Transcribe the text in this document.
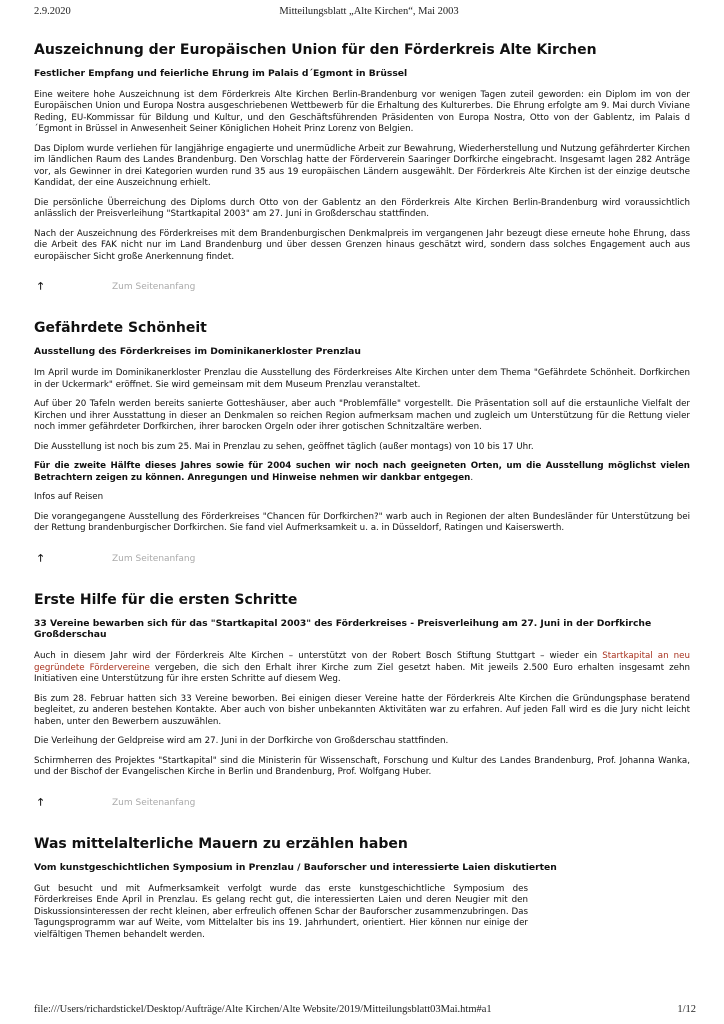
2.9.2020	Mitteilungsblatt „Alte Kirchen“, Mai 2003
Auszeichnung der Europäischen Union für den Förderkreis Alte Kirchen
Festlicher Empfang und feierliche Ehrung im Palais d´Egmont in Brüssel

Eine weitere hohe Auszeichnung ist dem Förderkreis Alte Kirchen Berlin-Brandenburg vor wenigen Tagen zuteil geworden: ein Diplom im von der Europäischen Union und Europa Nostra ausgeschriebenen Wettbewerb für die Erhaltung des Kulturerbes. Die Ehrung erfolgte am 9. Mai durch Viviane Reding, EU-Kommissar für Bildung und Kultur, und den Geschäftsführenden Präsidenten von Europa Nostra, Otto von der Gablentz, im Palais d´Egmont in Brüssel in Anwesenheit Seiner Königlichen Hoheit Prinz Lorenz von Belgien.

Das Diplom wurde verliehen für langjährige engagierte und unermüdliche Arbeit zur Bewahrung, Wiederherstellung und Nutzung gefährderter Kirchen im ländlichen Raum des Landes Brandenburg. Den Vorschlag hatte der Förderverein Saaringer Dorfkirche eingebracht. Insgesamt lagen 282 Anträge vor, als Gewinner in drei Kategorien wurden rund 35 aus 19 europäischen Ländern ausgewählt. Der Förderkreis Alte Kirchen ist der einzige deutsche Kandidat, der eine Auszeichnung erhielt.

Die persönliche Überreichung des Diploms durch Otto von der Gablentz an den Förderkreis Alte Kirchen Berlin-Brandenburg wird voraussichtlich anlässlich der Preisverleihung "Startkapital 2003" am 27. Juni in Großderschau stattfinden.

Nach der Auszeichnung des Förderkreises mit dem Brandenburgischen Denkmalpreis im vergangenen Jahr bezeugt diese erneute hohe Ehrung, dass die Arbeit des FAK nicht nur im Land Brandenburg und über dessen Grenzen hinaus geschätzt wird, sondern dass solches Engagement auch aus europäischer Sicht große Anerkennung findet.

🡑	Zum Seitenanfang
Gefährdete Schönheit
Ausstellung des Förderkreises im Dominikanerkloster Prenzlau

Im April wurde im Dominikanerkloster Prenzlau die Ausstellung des Förderkreises Alte Kirchen unter dem Thema "Gefährdete Schönheit. Dorfkirchen in der Uckermark" eröffnet. Sie wird gemeinsam mit dem Museum Prenzlau veranstaltet.

Auf über 20 Tafeln werden bereits sanierte Gotteshäuser, aber auch "Problemfälle" vorgestellt. Die Präsentation soll auf die erstaunliche Vielfalt der Kirchen und ihrer Ausstattung in dieser an Denkmalen so reichen Region aufmerksam machen und zugleich um Unterstützung für die Rettung vieler noch immer gefährdeter Dorfkirchen, ihrer barocken Orgeln oder ihrer gotischen Schnitzaltäre werben.

Die Ausstellung ist noch bis zum 25. Mai in Prenzlau zu sehen, geöffnet täglich (außer montags) von 10 bis 17 Uhr.

Für die zweite Hälfte dieses Jahres sowie für 2004 suchen wir noch nach geeigneten Orten, um die Ausstellung möglichst vielen Betrachtern zeigen zu können. Anregungen und Hinweise nehmen wir dankbar entgegen.

Infos auf Reisen

Die vorangegangene Ausstellung des Förderkreises "Chancen für Dorfkirchen?" warb auch in Regionen der alten Bundesländer für Unterstützung bei der Rettung brandenburgischer Dorfkirchen. Sie fand viel Aufmerksamkeit u. a. in Düsseldorf, Ratingen und Kaiserswerth.

🡑	Zum Seitenanfang
Erste Hilfe für die ersten Schritte
33 Vereine bewarben sich für das "Startkapital 2003" des Förderkreises - Preisverleihung am 27. Juni in der Dorfkirche Großderschau

Auch in diesem Jahr wird der Förderkreis Alte Kirchen – unterstützt von der Robert Bosch Stiftung Stuttgart – wieder ein Startkapital an neu gegründete Fördervereine vergeben, die sich den Erhalt ihrer Kirche zum Ziel gesetzt haben. Mit jeweils 2.500 Euro erhalten insgesamt zehn Initiativen eine Unterstützung für ihre ersten Schritte auf diesem Weg.

Bis zum 28. Februar hatten sich 33 Vereine beworben. Bei einigen dieser Vereine hatte der Förderkreis Alte Kirchen die Gründungsphase beratend begleitet, zu anderen bestehen Kontakte. Aber auch von bisher unbekannten Aktivitäten war zu erfahren. Auf jeden Fall wird es die Jury nicht leicht haben, unter den Bewerbern auszuwählen.

Die Verleihung der Geldpreise wird am 27. Juni in der Dorfkirche von Großderschau stattfinden.

Schirmherren des Projektes "Startkapital" sind die Ministerin für Wissenschaft, Forschung und Kultur des Landes Brandenburg, Prof. Johanna Wanka, und der Bischof der Evangelischen Kirche in Berlin und Brandenburg, Prof. Wolfgang Huber.

🡑	Zum Seitenanfang
Was mittelalterliche Mauern zu erzählen haben
Vom kunstgeschichtlichen Symposium in Prenzlau / Bauforscher und interessierte Laien diskutierten

Gut besucht und mit Aufmerksamkeit verfolgt wurde das erste kunstgeschichtliche Symposium des Förderkreises Ende April in Prenzlau. Es gelang recht gut, die interessierten Laien und deren Neugier mit den Diskussionsinteressen der recht kleinen, aber erfreulich offenen Schar der Bauforscher zusammenzubringen. Das Tagungsprogramm war auf Weite, vom Mittelalter bis ins 19. Jahrhundert, orientiert. Hier können nur einige der vielfältigen Themen behandelt werden.

file:///Users/richardstickel/Desktop/Aufträge/Alte Kirchen/Alte Website/2019/Mitteilungsblatt03Mai.htm#a1	1/12
